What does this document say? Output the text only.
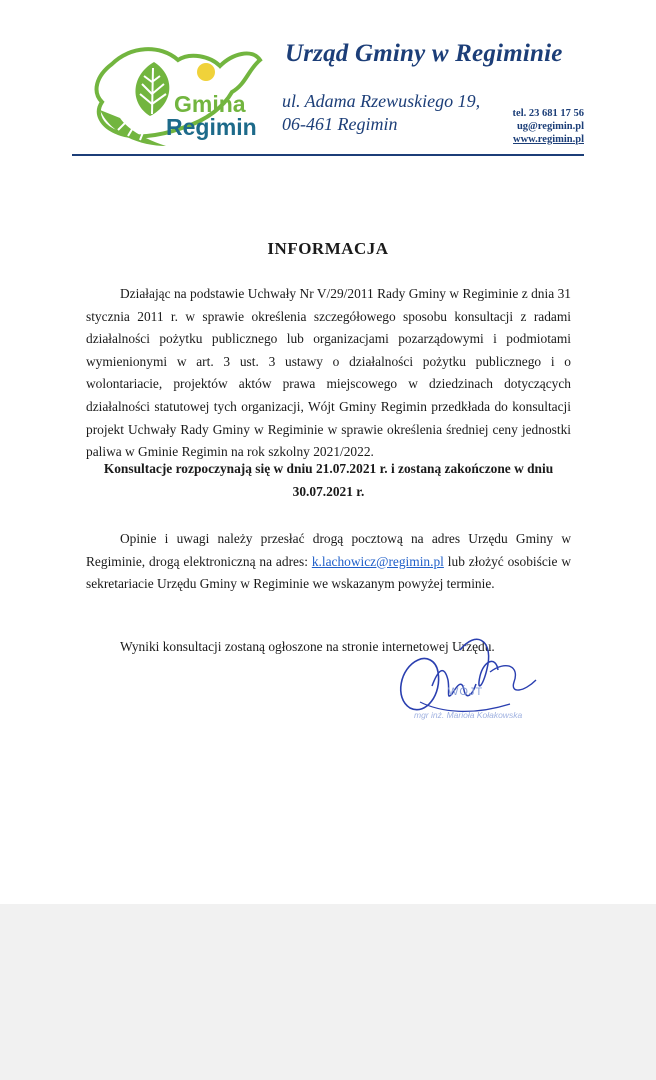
Gmina
Regimin
Urząd Gminy w Regiminie
ul. Adama Rzewuskiego 19,
06-461 Regimin
tel. 23 681 17 56
ug@regimin.pl
www.regimin.pl
INFORMACJA

Działając na podstawie Uchwały Nr V/29/2011 Rady Gminy w Regiminie z dnia 31 stycznia 2011 r. w sprawie określenia szczegółowego sposobu konsultacji z radami działalności pożytku publicznego lub organizacjami pozarządowymi i podmiotami wymienionymi w art. 3 ust. 3 ustawy o działalności pożytku publicznego i o wolontariacie, projektów aktów prawa miejscowego w dziedzinach dotyczących działalności statutowej tych organizacji, Wójt Gminy Regimin przedkłada do konsultacji projekt Uchwały Rady Gminy w Regiminie w sprawie określenia średniej ceny jednostki paliwa w Gminie Regimin na rok szkolny 2021/2022.

Konsultacje rozpoczynają się w dniu 21.07.2021 r. i zostaną zakończone w dniu 30.07.2021 r.

Opinie i uwagi należy przesłać drogą pocztową na adres Urzędu Gminy w Regiminie, drogą elektroniczną na adres: k.lachowicz@regimin.pl lub złożyć osobiście w sekretariacie Urzędu Gminy w Regiminie we wskazanym powyżej terminie.

Wyniki konsultacji zostaną ogłoszone na stronie internetowej Urzędu.

WÓJT
mgr inż. Marioła Kołakowska
